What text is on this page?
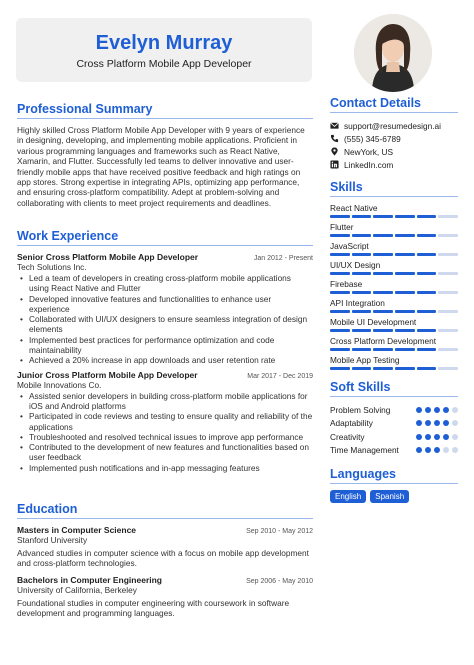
Evelyn Murray
Cross Platform Mobile App Developer
Professional Summary
Highly skilled Cross Platform Mobile App Developer with 9 years of experience in designing, developing, and implementing mobile applications. Proficient in various programming languages and frameworks such as React Native, Xamarin, and Flutter. Successfully led teams to deliver innovative and user-friendly mobile apps that have received positive feedback and high ratings on app stores. Strong expertise in integrating APIs, optimizing app performance, and ensuring cross-platform compatibility. Adept at problem-solving and collaborating with clients to meet project requirements and deadlines.
Work Experience
Senior Cross Platform Mobile App Developer	Jan 2012 - Present
Tech Solutions Inc.
• Led a team of developers in creating cross-platform mobile applications using React Native and Flutter
• Developed innovative features and functionalities to enhance user experience
• Collaborated with UI/UX designers to ensure seamless integration of design elements
• Implemented best practices for performance optimization and code maintainability
• Achieved a 20% increase in app downloads and user retention rate
Junior Cross Platform Mobile App Developer	Mar 2017 - Dec 2019
Mobile Innovations Co.
• Assisted senior developers in building cross-platform mobile applications for iOS and Android platforms
• Participated in code reviews and testing to ensure quality and reliability of the applications
• Troubleshooted and resolved technical issues to improve app performance
• Contributed to the development of new features and functionalities based on user feedback
• Implemented push notifications and in-app messaging features
Education
Masters in Computer Science	Sep 2010 - May 2012
Stanford University
Advanced studies in computer science with a focus on mobile app development and cross-platform technologies.
Bachelors in Computer Engineering	Sep 2006 - May 2010
University of California, Berkeley
Foundational studies in computer engineering with coursework in software development and programming languages.
Contact Details
support@resumedesign.ai
(555) 345-6789
NewYork, US
LinkedIn.com
Skills
React Native
Flutter
JavaScript
UI/UX Design
Firebase
API Integration
Mobile UI Development
Cross Platform Development
Mobile App Testing
Soft Skills
Problem Solving
Adaptability
Creativity
Time Management
Languages
English	Spanish
